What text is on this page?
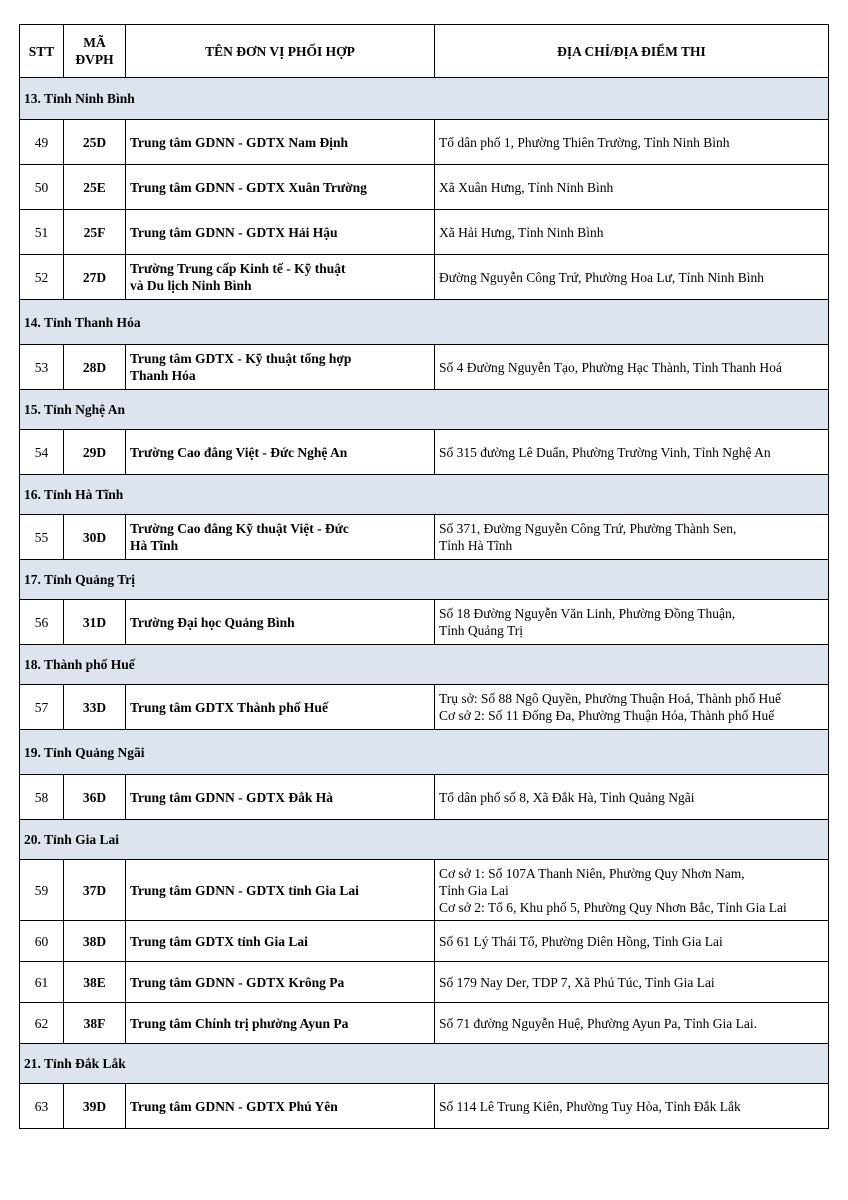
STT	MÃ
ĐVPH	TÊN ĐƠN VỊ PHỐI HỢP	ĐỊA CHỈ/ĐỊA ĐIỂM THI
13. Tỉnh Ninh Bình			
49	25D	Trung tâm GDNN - GDTX Nam Định	Tổ dân phố 1, Phường Thiên Trường, Tỉnh Ninh Bình

50	25E	Trung tâm GDNN - GDTX Xuân Trường	Xã Xuân Hưng, Tỉnh Ninh Bình

51	25F	Trung tâm GDNN - GDTX Hải Hậu	Xã Hải Hưng, Tỉnh Ninh Bình

52	27D	Trường Trung cấp Kinh tế - Kỹ thuật
và Du lịch Ninh Bình	Đường Nguyễn Công Trứ, Phường Hoa Lư, Tỉnh Ninh Bình

14. Tỉnh Thanh Hóa			
53	28D	Trung tâm GDTX - Kỹ thuật tổng hợp
Thanh Hóa	Số 4 Đường Nguyễn Tạo, Phường Hạc Thành, Tỉnh Thanh Hoá

15. Tỉnh Nghệ An			
54	29D	Trường Cao đẳng Việt - Đức Nghệ An	Số 315 đường Lê Duẩn, Phường Trường Vinh, Tỉnh Nghệ An

16. Tỉnh Hà Tĩnh			
55	30D	Trường Cao đẳng Kỹ thuật Việt - Đức
Hà Tĩnh	Số 371, Đường Nguyễn Công Trứ, Phường Thành Sen,
Tỉnh Hà Tĩnh

17. Tỉnh Quảng Trị			
56	31D	Trường Đại học Quảng Bình	Số 18 Đường Nguyễn Văn Linh, Phường Đồng Thuận,
Tỉnh Quảng Trị

18. Thành phố Huế			
57	33D	Trung tâm GDTX Thành phố Huế	Trụ sở: Số 88 Ngô Quyền, Phường Thuận Hoá, Thành phố Huế
Cơ sở 2: Số 11 Đống Đa, Phường Thuận Hóa, Thành phố Huế

19. Tỉnh Quảng Ngãi			
58	36D	Trung tâm GDNN - GDTX Đắk Hà	Tổ dân phố số 8, Xã Đắk Hà, Tỉnh Quảng Ngãi

20. Tỉnh Gia Lai			
59	37D	Trung tâm GDNN - GDTX tỉnh Gia Lai	Cơ sở 1: Số 107A Thanh Niên, Phường Quy Nhơn Nam,
Tỉnh Gia Lai
Cơ sở 2: Tổ 6, Khu phố 5, Phường Quy Nhơn Bắc, Tỉnh Gia Lai

60	38D	Trung tâm GDTX tỉnh Gia Lai	Số 61 Lý Thái Tổ, Phường Diên Hồng, Tỉnh Gia Lai

61	38E	Trung tâm GDNN - GDTX Krông Pa	Số 179 Nay Der, TDP 7, Xã Phú Túc, Tỉnh Gia Lai

62	38F	Trung tâm Chính trị phường Ayun Pa	Số 71 đường Nguyễn Huệ, Phường Ayun Pa, Tỉnh Gia Lai.

21. Tỉnh Đắk Lắk			
63	39D	Trung tâm GDNN - GDTX Phú Yên	Số 114 Lê Trung Kiên, Phường Tuy Hòa, Tỉnh Đắk Lắk
